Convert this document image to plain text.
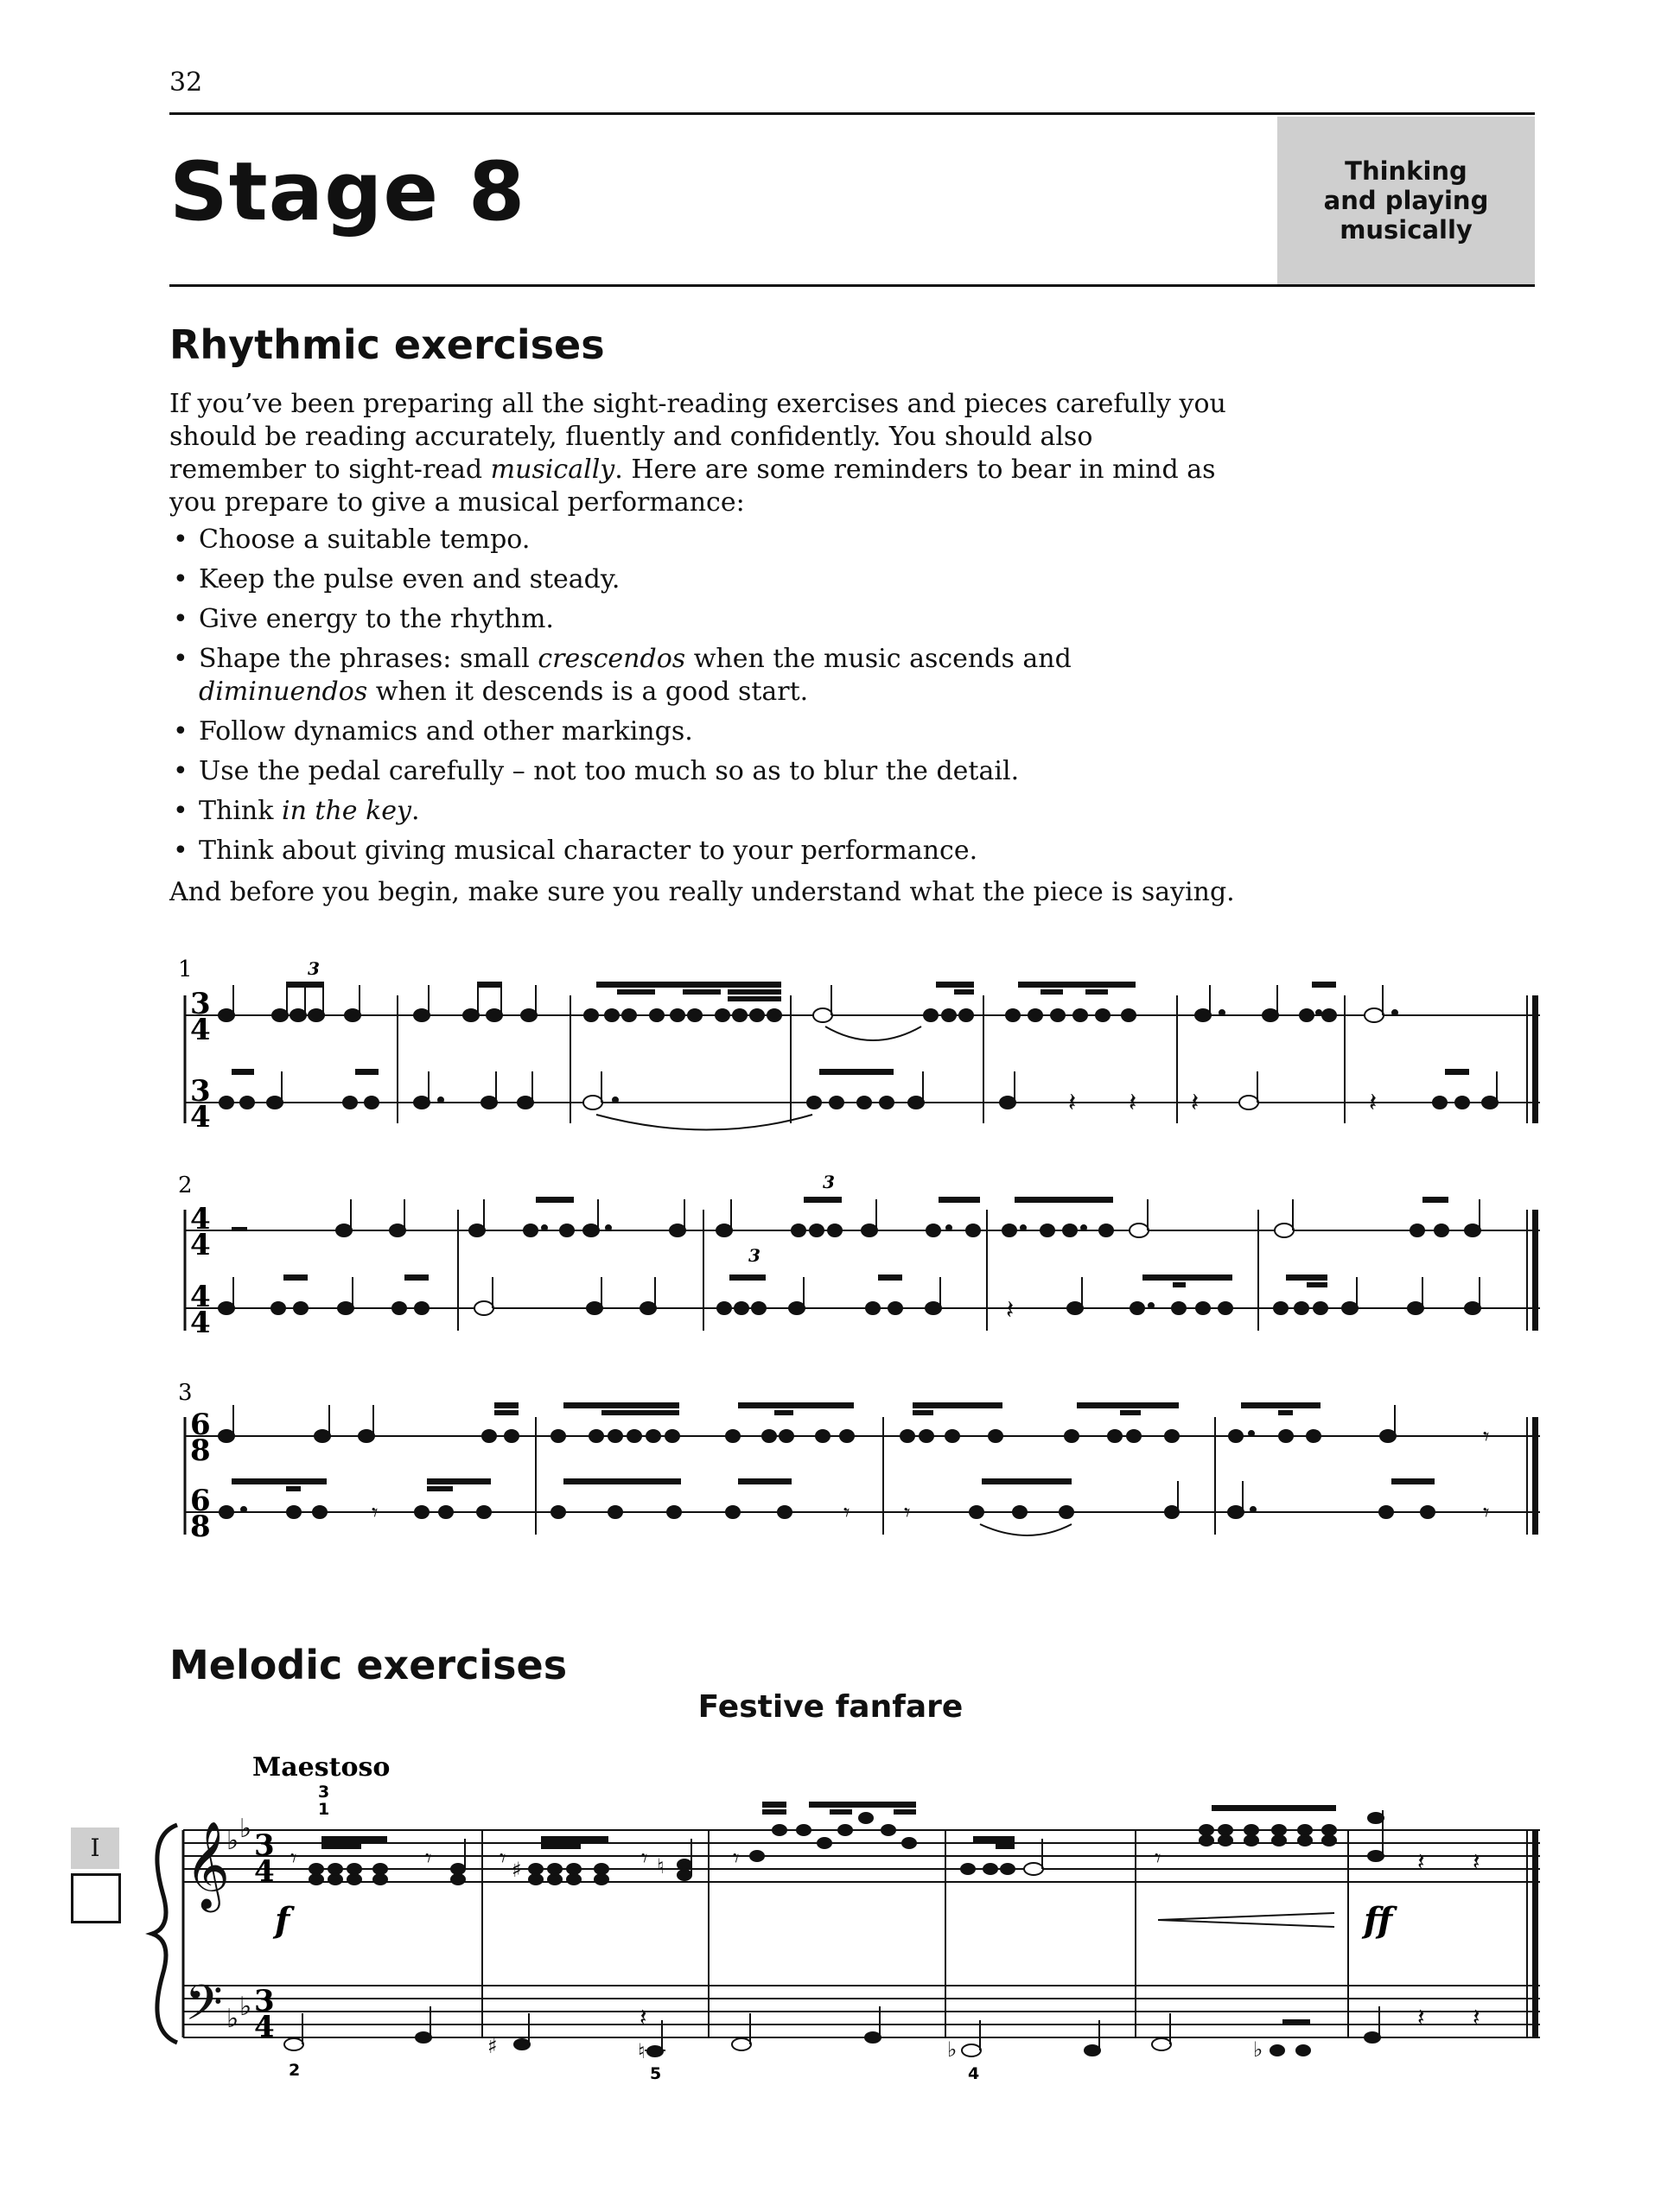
32
Stage 8	Thinking
and playing
musically
Rhythmic exercises

If you’ve been preparing all the sight-reading exercises and pieces carefully you should be reading accurately, fluently and confidently. You should also remember to sight-read musically. Here are some reminders to bear in mind as you prepare to give a musical performance:

• Choose a suitable tempo.
• Keep the pulse even and steady.
• Give energy to the rhythm.
• Shape the phrases: small crescendos when the music ascends and diminuendos when it descends is a good start.
• Follow dynamics and other markings.
• Use the pedal carefully – not too much so as to blur the detail.
• Think in the key.
• Think about giving musical character to your performance.

And before you begin, make sure you really understand what the piece is saying.

Melodic exercises
Festive fanfare
I
1
3
4
3
4
3
𝄽 𝄽 𝄽	𝄽
2
4
4
4
4
3
3
𝄽
3
6
8
6
8	𝄾	𝄾 𝄾	𝄾
𝄾
Maestoso
3
1
𝄞
𝄢
♭ ♭
♭ ♭
3
4
3
4
♯	♮
𝄾	𝄾	𝄾	𝄾	𝄾	𝄾	𝄽 𝄽
𝄽 𝄽
𝄽
f	ff
♯	♮	♭	♭
2	5	4
